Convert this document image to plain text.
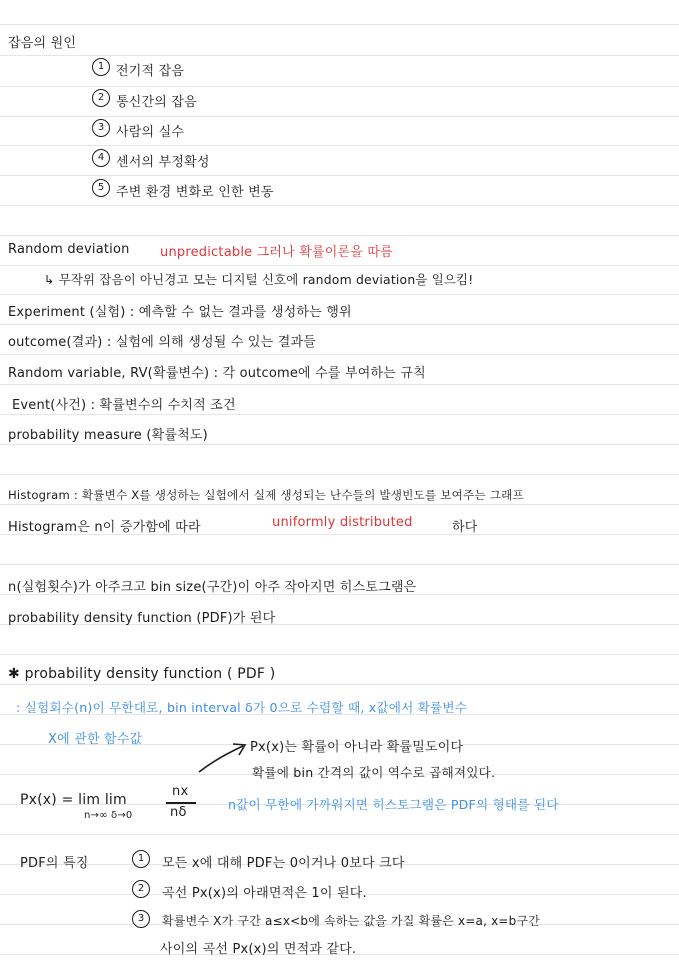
잡음의 원인
1 전기적 잡음
2 통신간의 잡음
3 사람의 실수
4 센서의 부정확성
5 주변 환경 변화로 인한 변동
Random deviation unpredictable 그러나 확률이론을 따름
↳ 무작위 잡음이 아닌경고 모는 디지털 신호에 random deviation을 일으킴!
Experiment (실험) : 예측할 수 없는 결과를 생성하는 행위
outcome(결과) : 실험에 의해 생성될 수 있는 결과들
Random variable, RV(확률변수) : 각 outcome에 수를 부여하는 규칙
Event(사건) : 확률변수의 수치적 조건
probability measure (확률척도)
Histogram : 확률변수 X를 생성하는 실험에서 실제 생성되는 난수들의 발생빈도를 보여주는 그래프
Histogram은 n이 증가함에 따라	uniformly distributed	하다
n(실험횟수)가 아주크고 bin size(구간)이 아주 작아지면 히스토그램은
probability density function (PDF)가 된다
✱ probability density function ( PDF )
: 실험회수(n)이 무한대로, bin interval δ가 0으로 수렴할 때, x값에서 확률변수
X에 관한 함수값
Px(x)는 확률이 아니라 확률밀도이다
확률에 bin 간격의 값이 역수로 곱해져있다.
Px(x) = lim lim
n→∞ δ→0
nx
nδ
n값이 무한에 가까워지면 히스토그램은 PDF의 형태를 된다
PDF의 특징	1	모든 x에 대해 PDF는 0이거나 0보다 크다
2	곡선 Px(x)의 아래면적은 1이 된다.
3	확률변수 X가 구간 a≤x<b에 속하는 값을 가질 확률은 x=a, x=b구간
사이의 곡선 Px(x)의 면적과 같다.
